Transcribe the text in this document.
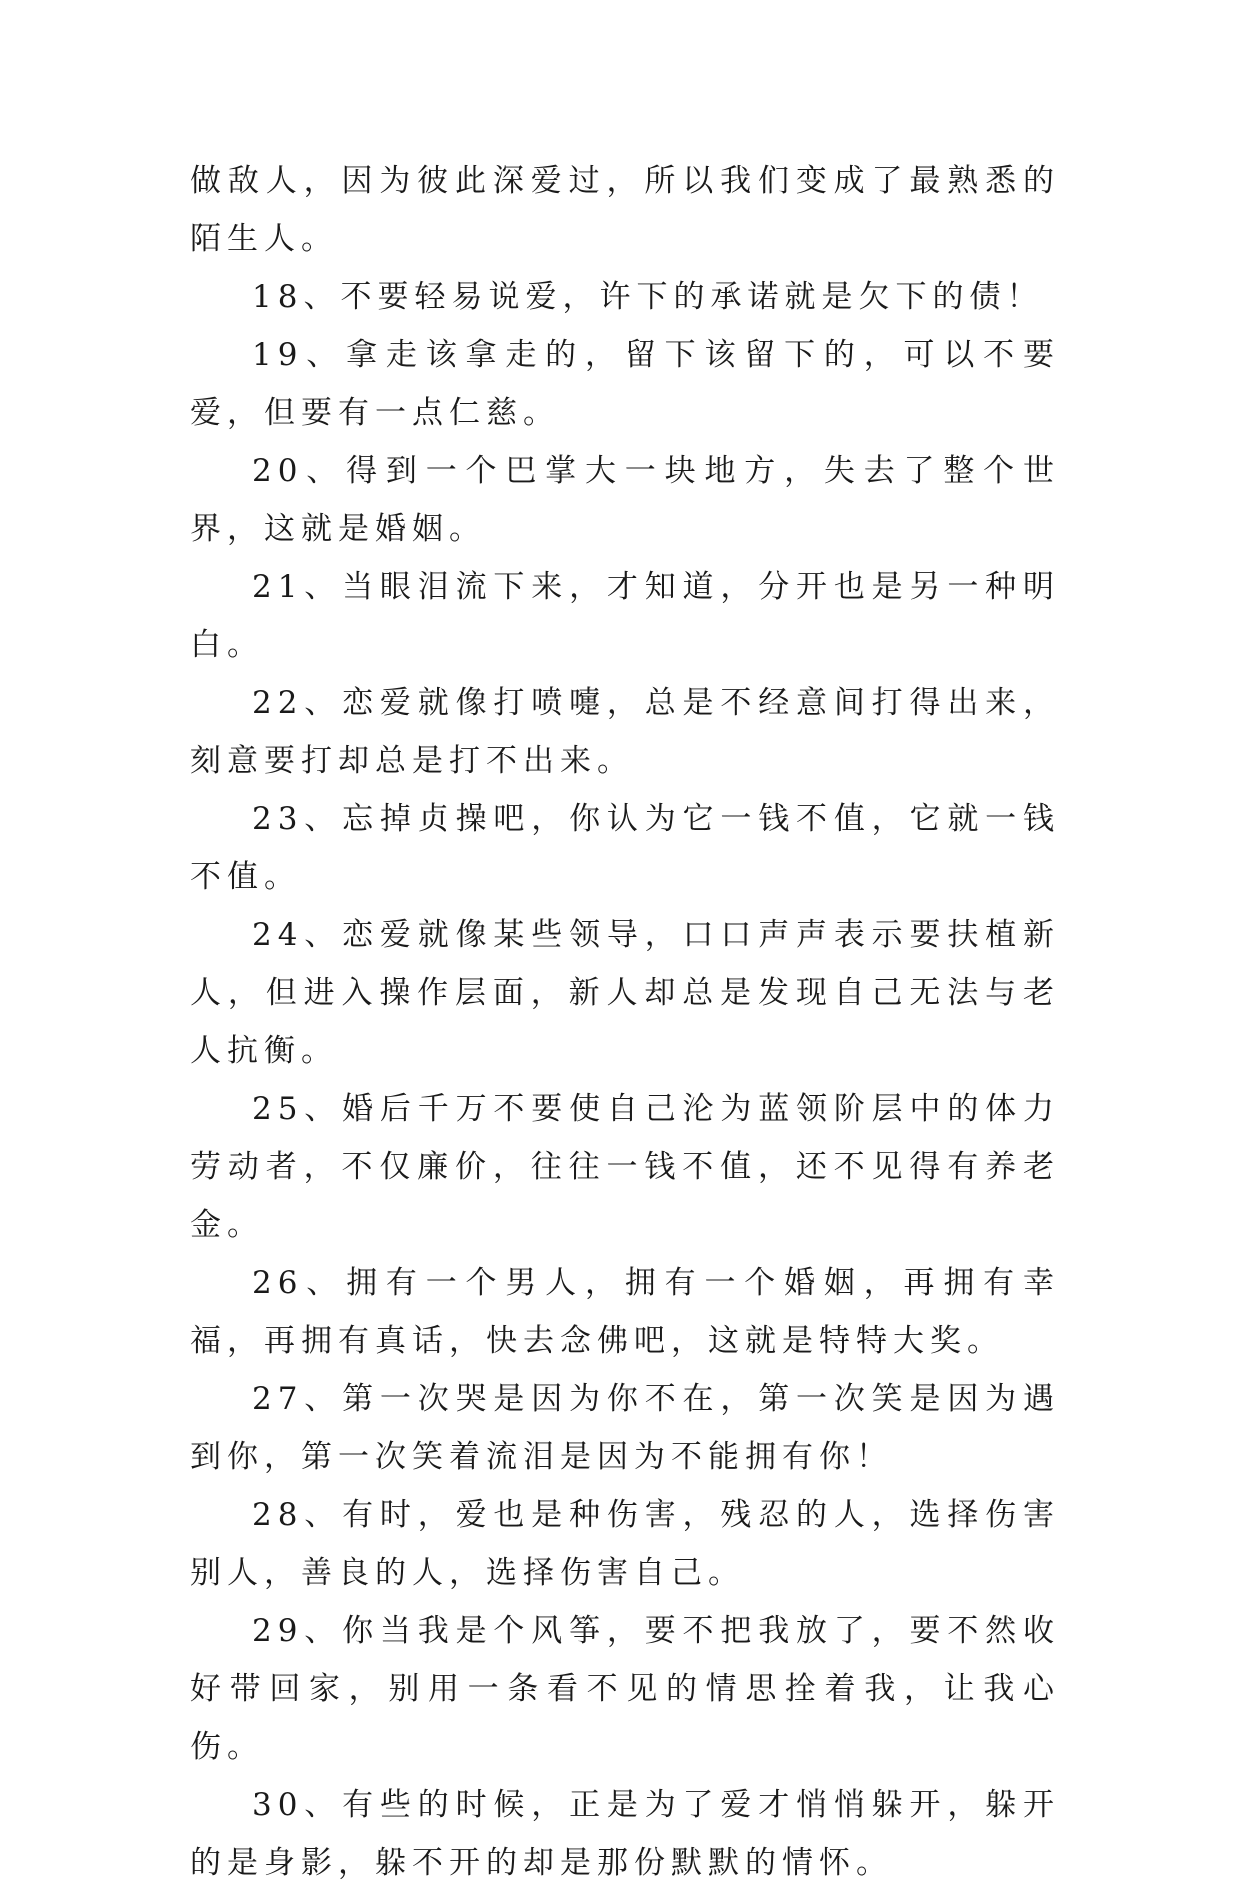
做敌人，因为彼此深爱过，所以我们变成了最熟悉的陌生人。

18、不要轻易说爱，许下的承诺就是欠下的债！

19、拿走该拿走的，留下该留下的，可以不要爱，但要有一点仁慈。

20、得到一个巴掌大一块地方，失去了整个世界，这就是婚姻。

21、当眼泪流下来，才知道，分开也是另一种明白。

22、恋爱就像打喷嚏，总是不经意间打得出来，刻意要打却总是打不出来。

23、忘掉贞操吧，你认为它一钱不值，它就一钱不值。

24、恋爱就像某些领导，口口声声表示要扶植新人，但进入操作层面，新人却总是发现自己无法与老人抗衡。

25、婚后千万不要使自己沦为蓝领阶层中的体力劳动者，不仅廉价，往往一钱不值，还不见得有养老金。

26、拥有一个男人，拥有一个婚姻，再拥有幸福，再拥有真话，快去念佛吧，这就是特特大奖。

27、第一次哭是因为你不在，第一次笑是因为遇到你，第一次笑着流泪是因为不能拥有你！

28、有时，爱也是种伤害，残忍的人，选择伤害别人，善良的人，选择伤害自己。

29、你当我是个风筝，要不把我放了，要不然收好带回家，别用一条看不见的情思拴着我，让我心伤。

30、有些的时候，正是为了爱才悄悄躲开，躲开的是身影，躲不开的却是那份默默的情怀。
